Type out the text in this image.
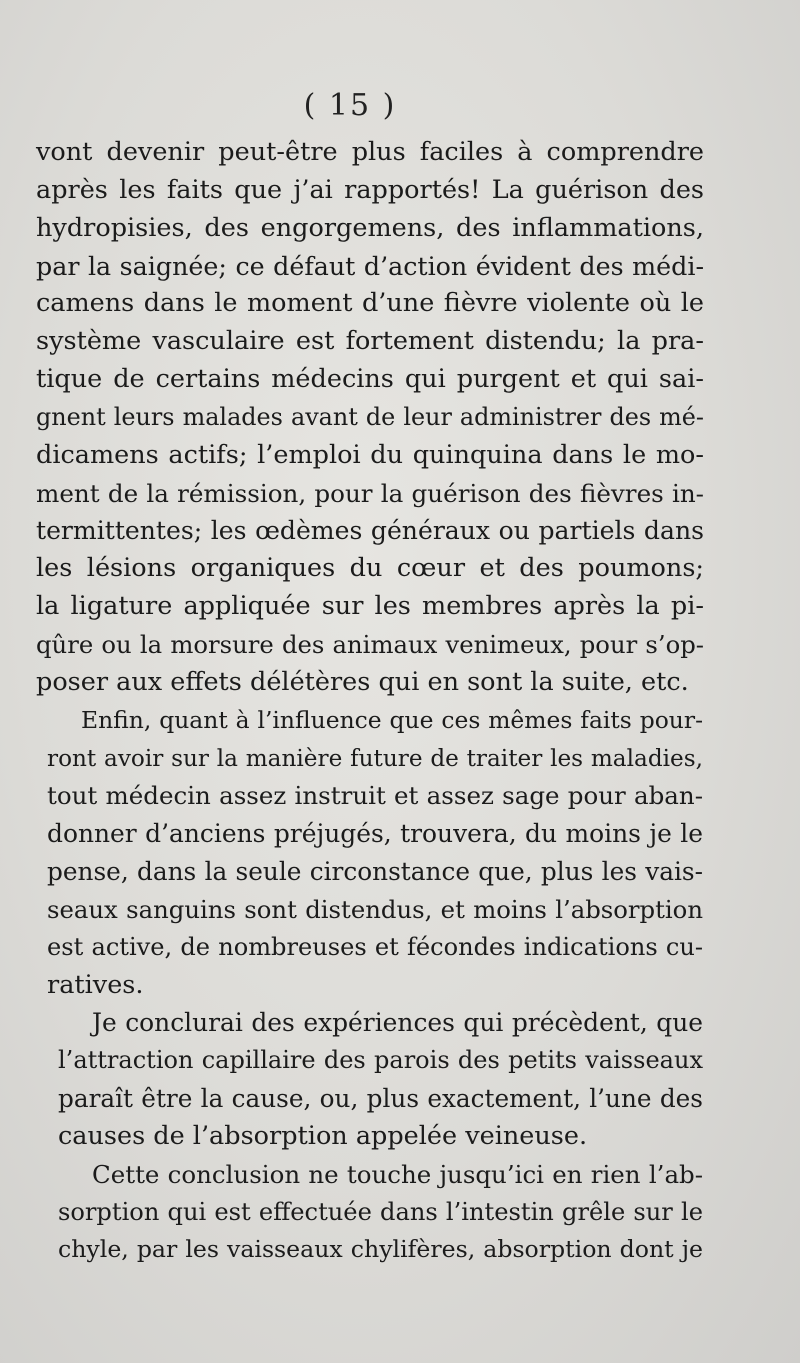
( 15 )
vont devenir peut-être plus faciles à comprendre
après les faits que j’ai rapportés! La guérison des
hydropisies, des engorgemens, des inflammations,
par la saignée; ce défaut d’action évident des médi-
camens dans le moment d’une fièvre violente où le
système vasculaire est fortement distendu; la pra-
tique de certains médecins qui purgent et qui sai-
gnent leurs malades avant de leur administrer des mé-
dicamens actifs; l’emploi du quinquina dans le mo-
ment de la rémission, pour la guérison des fièvres in-
termittentes; les œdèmes généraux ou partiels dans
les lésions organiques du cœur et des poumons;
la ligature appliquée sur les membres après la pi-
qûre ou la morsure des animaux venimeux, pour s’op-
poser aux effets délétères qui en sont la suite, etc.
Enfin, quant à l’influence que ces mêmes faits pour-
ront avoir sur la manière future de traiter les maladies,
tout médecin assez instruit et assez sage pour aban-
donner d’anciens préjugés, trouvera, du moins je le
pense, dans la seule circonstance que, plus les vais-
seaux sanguins sont distendus, et moins l’absorption
est active, de nombreuses et fécondes indications cu-
ratives.
Je conclurai des expériences qui précèdent, que
l’attraction capillaire des parois des petits vaisseaux
paraît être la cause, ou, plus exactement, l’une des
causes de l’absorption appelée veineuse.
Cette conclusion ne touche jusqu’ici en rien l’ab-
sorption qui est effectuée dans l’intestin grêle sur le
chyle, par les vaisseaux chylifères, absorption dont je
